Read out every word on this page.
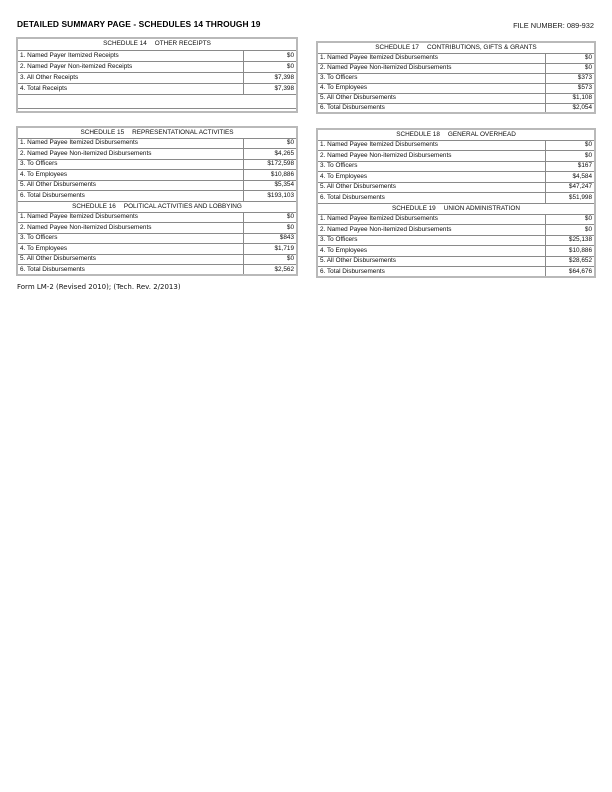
DETAILED SUMMARY PAGE - SCHEDULES 14 THROUGH 19	FILE NUMBER: 089-932
SCHEDULE 14 OTHER RECEIPTS	
1. Named Payer Itemized Receipts	$0
2. Named Payer Non-itemized Receipts	$0
3. All Other Receipts	$7,398
4. Total Receipts	$7,398

SCHEDULE 17 CONTRIBUTIONS, GIFTS & GRANTS	
1. Named Payee Itemized Disbursements	$0
2. Named Payee Non-itemized Disbursements	$0
3. To Officers	$373
4. To Employees	$573
5. All Other Disbursements	$1,108
6. Total Disbursements	$2,054
SCHEDULE 15 REPRESENTATIONAL ACTIVITIES	
1. Named Payee Itemized Disbursements	$0
2. Named Payee Non-itemized Disbursements	$4,265
3. To Officers	$172,598
4. To Employees	$10,886
5. All Other Disbursements	$5,354
6. Total Disbursements	$193,103
SCHEDULE 16 POLITICAL ACTIVITIES AND LOBBYING	
1. Named Payee Itemized Disbursements	$0
2. Named Payee Non-itemized Disbursements	$0
3. To Officers	$843
4. To Employees	$1,719
5. All Other Disbursements	$0
6. Total Disbursements	$2,562
SCHEDULE 18 GENERAL OVERHEAD	
1. Named Payee Itemized Disbursements	$0
2. Named Payee Non-itemized Disbursements	$0
3. To Officers	$167
4. To Employees	$4,584
5. All Other Disbursements	$47,247
6. Total Disbursements	$51,998
SCHEDULE 19 UNION ADMINISTRATION	
1. Named Payee Itemized Disbursements	$0
2. Named Payee Non-itemized Disbursements	$0
3. To Officers	$25,138
4. To Employees	$10,886
5. All Other Disbursements	$28,652
6. Total Disbursements	$64,676
Form LM-2 (Revised 2010); (Tech. Rev. 2/2013)
